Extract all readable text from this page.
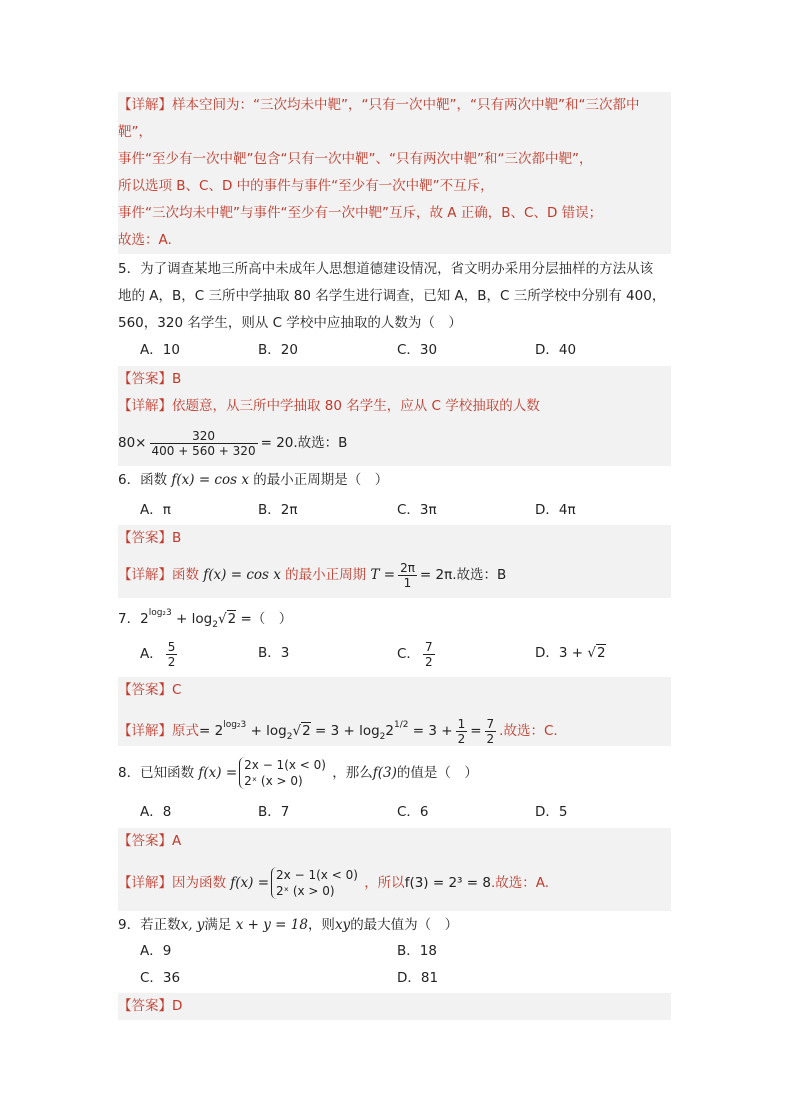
【详解】样本空间为：“三次均未中靶”，“只有一次中靶”，“只有两次中靶”和“三次都中
靶”，
事件“至少有一次中靶”包含“只有一次中靶”、“只有两次中靶”和“三次都中靶”，
所以选项 B、C、D 中的事件与事件“至少有一次中靶”不互斥，
事件“三次均未中靶”与事件“至少有一次中靶”互斥，故 A 正确，B、C、D 错误；
故选：A.
5．为了调查某地三所高中未成年人思想道德建设情况，省文明办采用分层抽样的方法从该
地的 A，B，C 三所中学抽取 80 名学生进行调查，已知 A，B，C 三所学校中分别有 400，
560，320 名学生，则从 C 学校中应抽取的人数为（　）
A．10	B．20	C．30	D．40
【答案】B
【详解】依题意，从三所中学抽取 80 名学生，应从 C 学校抽取的人数
$80\times \frac{320}{400 + 560 + 320} = 20$.故选：B
6．函数 f(x) = cos x 的最小正周期是（　）
A．π	B．2π	C．3π	D．4π
【答案】B
【详解】函数 f(x) = cos x 的最小正周期 $T = \frac{2\pi}{1} = 2\pi$.故选：B
7．$2^{log_23} + \log_2√2$ =（　）
A． $\frac{5}{2}$	B．3	C． $\frac{7}{2}$	D．3 + √2
【答案】C
【详解】原式= $2^{log_23} + \log_2√2 = 3 + \log_22^{1/2} = 3 + \frac{1}{2} = \frac{7}{2}$ .故选：C.
8．已知函数 f(x) = 2x − 1(x < 0)
2ˣ (x > 0)	，那么f(3)的值是（　）
A．8	B．7	C．6	D．5
【答案】A
【详解】因为函数 f(x) = 2x − 1(x < 0)
2ˣ (x > 0)	，所以f(3) = 2³ = 8.故选：A.
9．若正数x, y满足 x + y = 18，则xy的最大值为（　）
A．9	B．18
C．36	D．81
【答案】D
